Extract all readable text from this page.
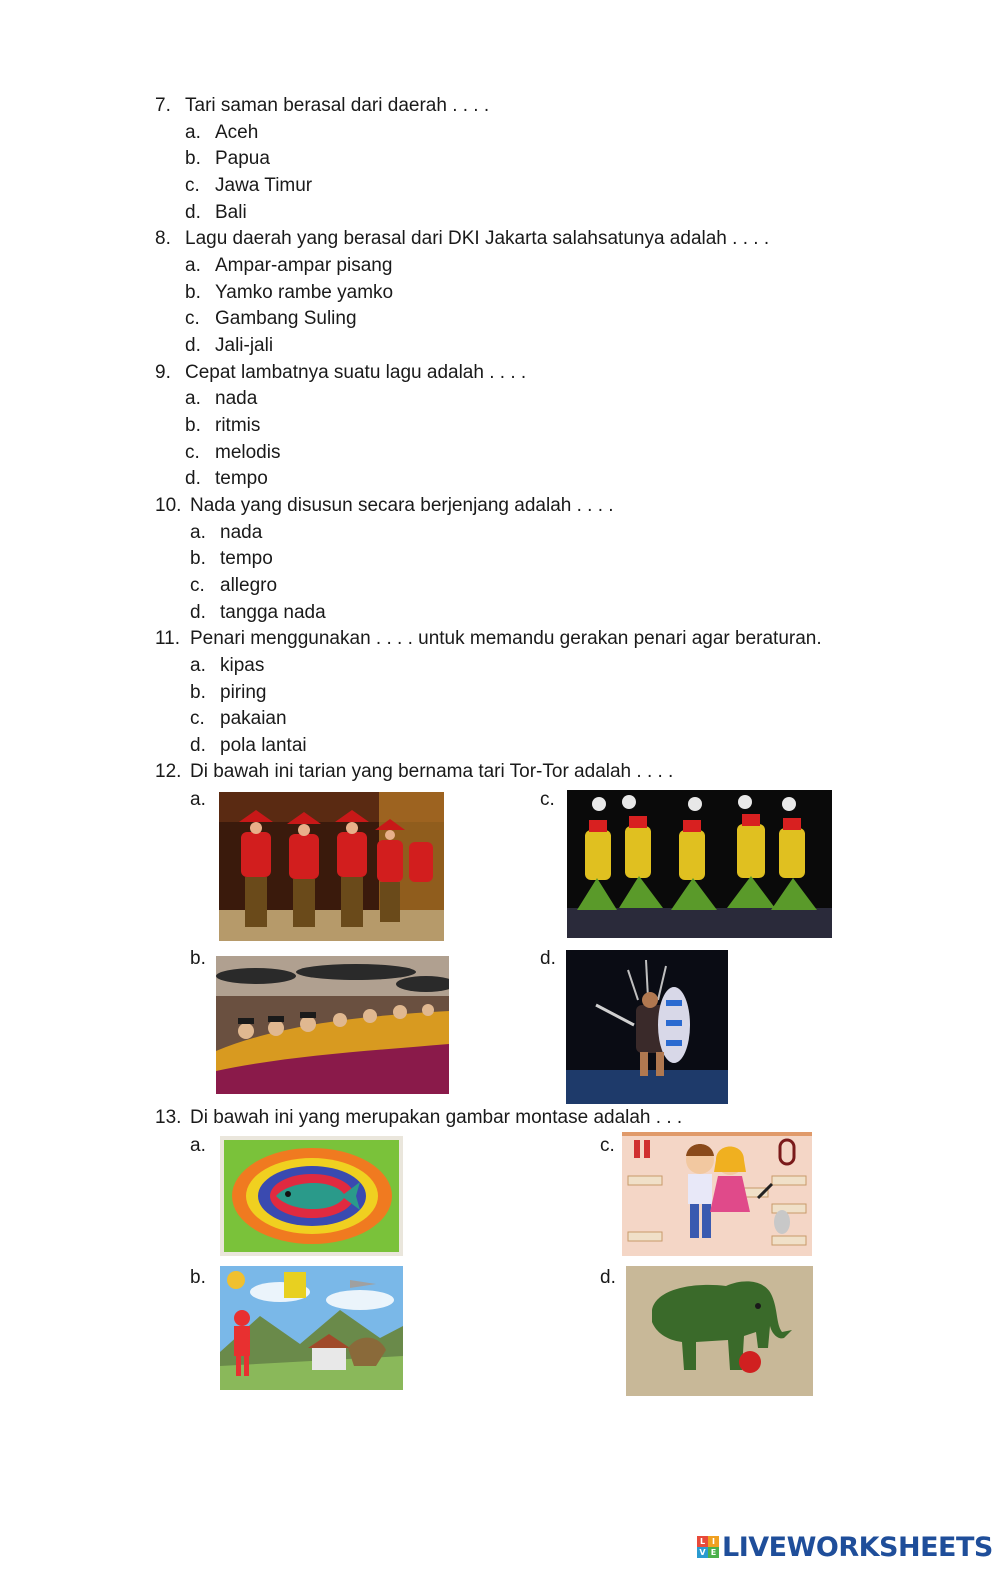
7. Tari saman berasal dari daerah . . . .
a. Aceh
b. Papua
c. Jawa Timur
d. Bali
8. Lagu daerah yang berasal dari DKI Jakarta salahsatunya adalah . . . .
a. Ampar-ampar pisang
b. Yamko rambe yamko
c. Gambang Suling
d. Jali-jali
9. Cepat lambatnya suatu lagu adalah . . . .
a. nada
b. ritmis
c. melodis
d. tempo
10. Nada yang disusun secara berjenjang adalah . . . .
a. nada
b. tempo
c. allegro
d. tangga nada
11. Penari menggunakan . . . . untuk memandu gerakan penari agar beraturan.
a. kipas
b. piring
c. pakaian
d. pola lantai
12. Di bawah ini tarian yang bernama tari Tor-Tor adalah . . . .
a.	c.
b.	d.
13. Di bawah ini yang merupakan gambar montase adalah . . .
a.	c.
b.	d.
L I
V E LIVEWORKSHEETS
